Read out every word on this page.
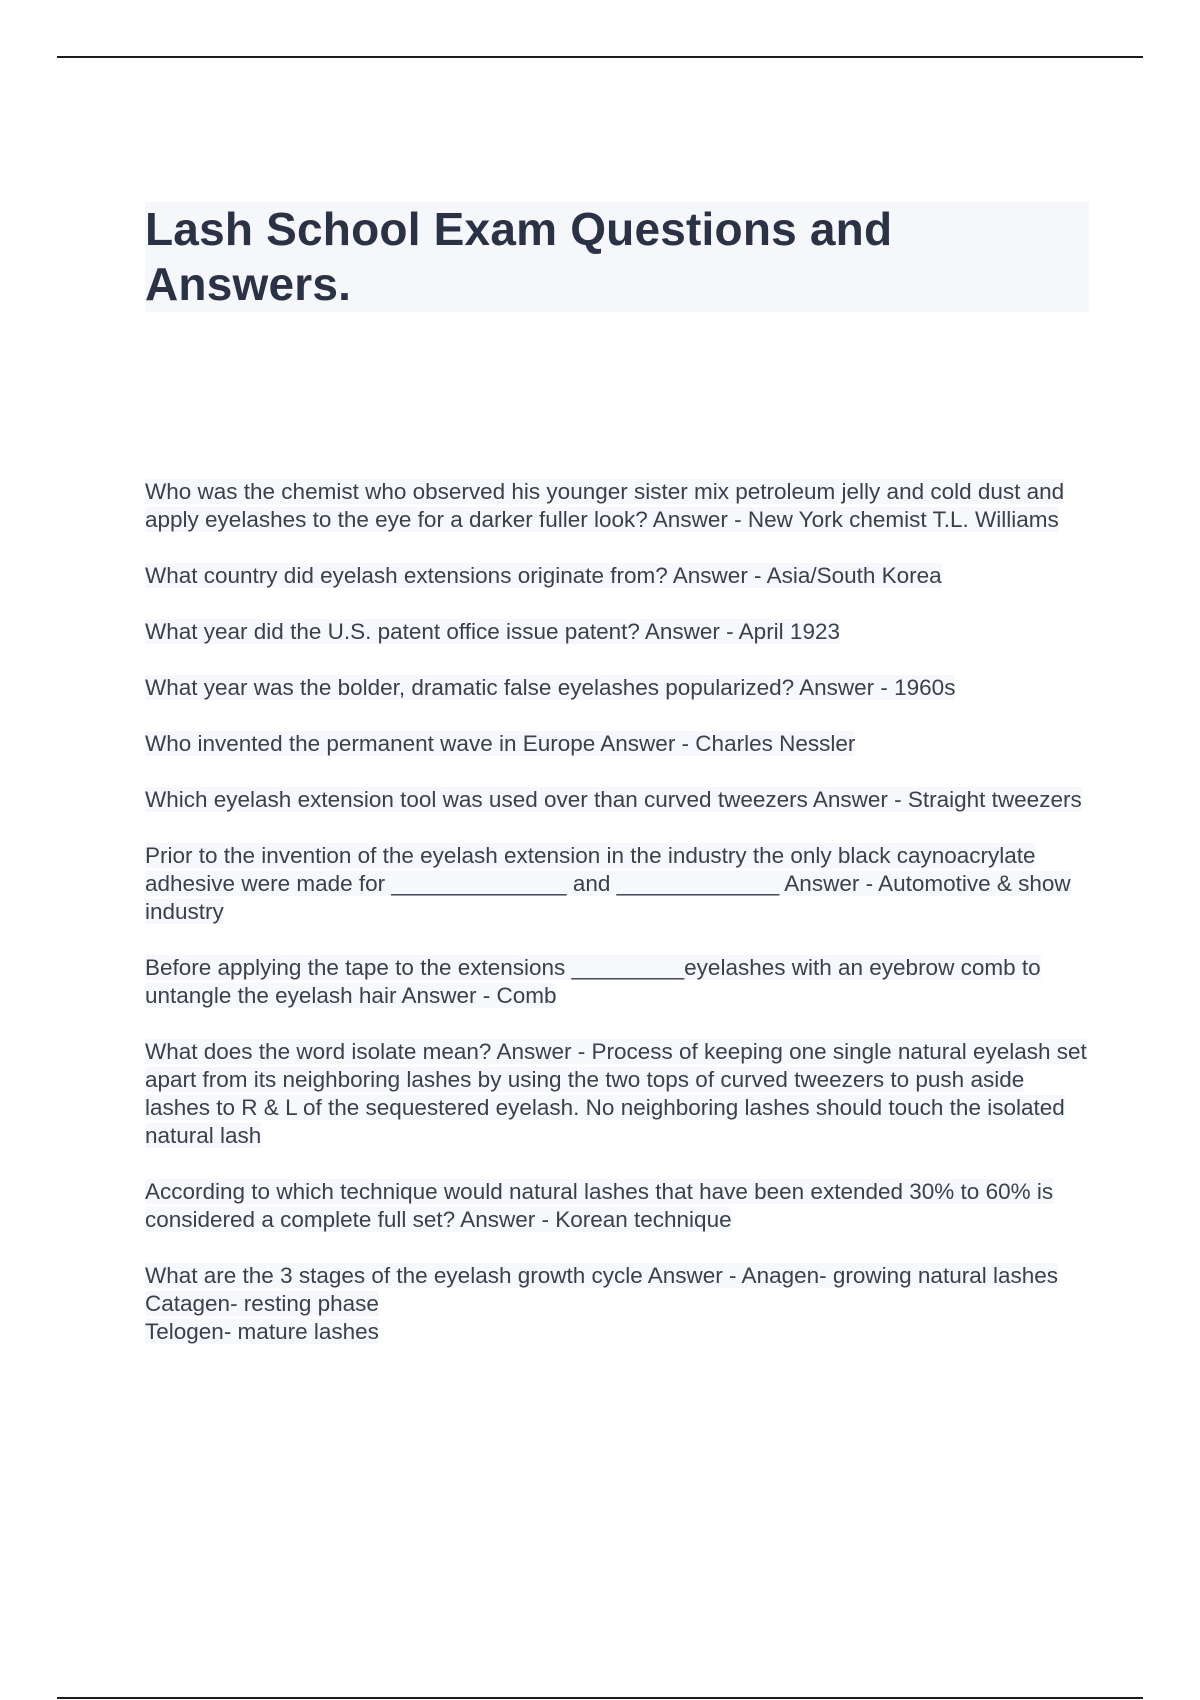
Lash School Exam Questions and Answers.

Who was the chemist who observed his younger sister mix petroleum jelly and cold dust and apply eyelashes to the eye for a darker fuller look? Answer - New York chemist T.L. Williams

What country did eyelash extensions originate from? Answer - Asia/South Korea

What year did the U.S. patent office issue patent? Answer - April 1923

What year was the bolder, dramatic false eyelashes popularized? Answer - 1960s

Who invented the permanent wave in Europe Answer - Charles Nessler

Which eyelash extension tool was used over than curved tweezers Answer - Straight tweezers

Prior to the invention of the eyelash extension in the industry the only black caynoacrylate adhesive were made for ______________ and _____________ Answer - Automotive & show industry

Before applying the tape to the extensions _________eyelashes with an eyebrow comb to untangle the eyelash hair Answer - Comb

What does the word isolate mean? Answer - Process of keeping one single natural eyelash set apart from its neighboring lashes by using the two tops of curved tweezers to push aside lashes to R & L of the sequestered eyelash. No neighboring lashes should touch the isolated natural lash

According to which technique would natural lashes that have been extended 30% to 60% is considered a complete full set? Answer - Korean technique

What are the 3 stages of the eyelash growth cycle Answer - Anagen- growing natural lashes
Catagen- resting phase
Telogen- mature lashes
